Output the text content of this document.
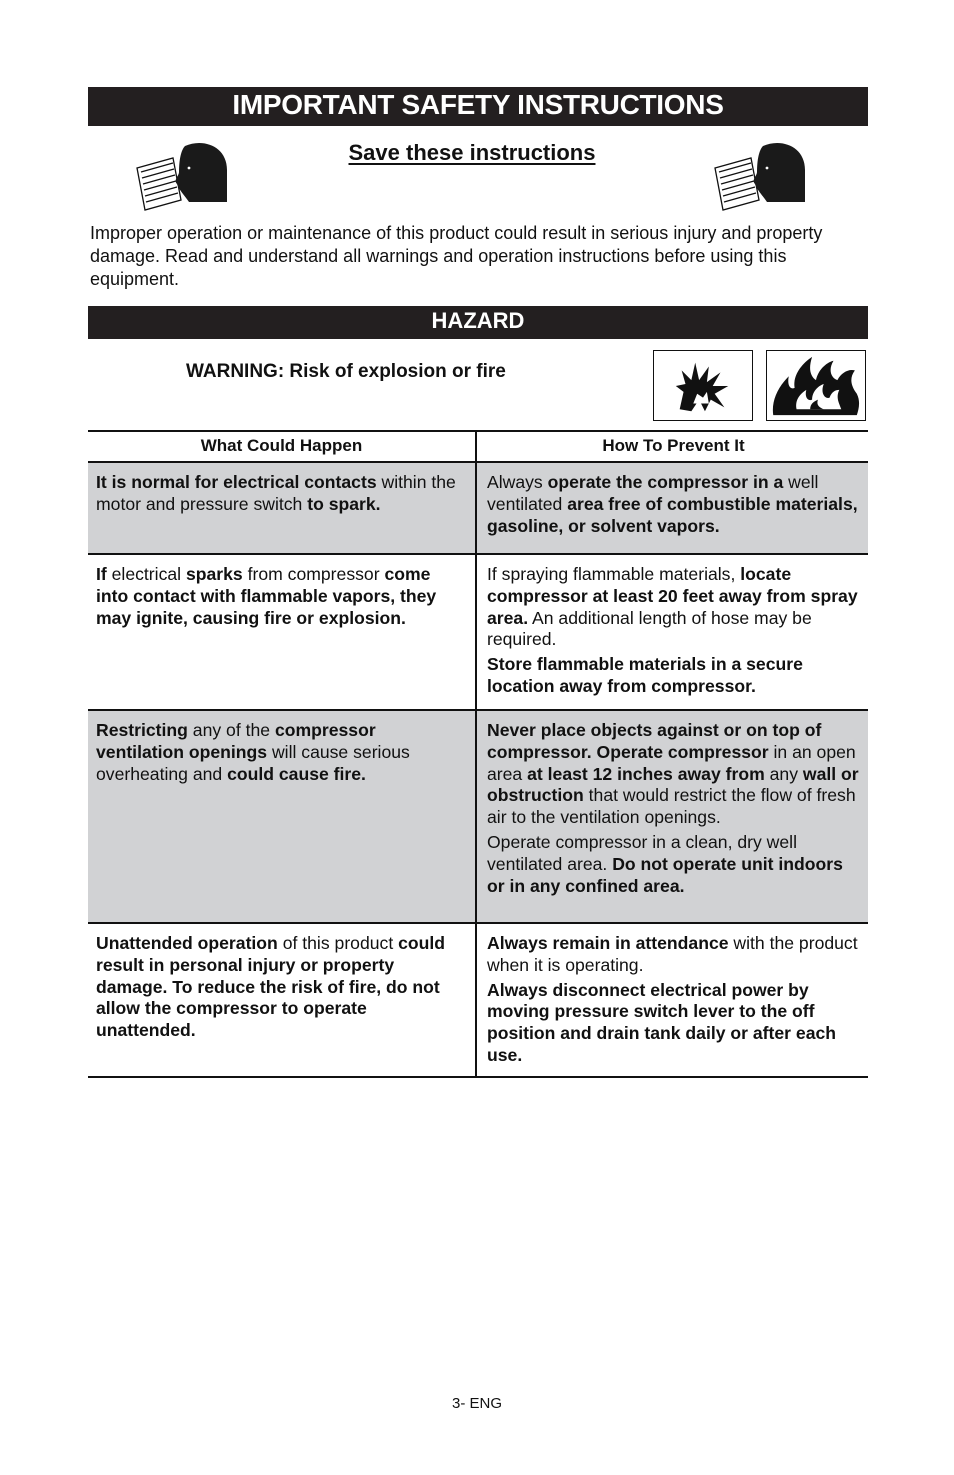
IMPORTANT SAFETY INSTRUCTIONS
Save these instructions
Improper operation or maintenance of this product could result in serious injury and property damage. Read and understand all warnings and operation instructions before using this equipment.
HAZARD
WARNING: Risk of explosion or fire
What Could Happen	How To Prevent It
It is normal for electrical contacts within the motor and pressure switch to spark.
Always operate the compressor in a well ventilated area free of combustible materials, gasoline, or solvent vapors.
If electrical sparks from compressor come into contact with flammable vapors, they may ignite, causing fire or explosion.
If spraying flammable materials, locate compressor at least 20 feet away from spray area. An additional length of hose may be required.
Store flammable materials in a secure location away from compressor.
Restricting any of the compressor ventilation openings will cause serious overheating and could cause fire.
Never place objects against or on top of compressor. Operate compressor in an open area at least 12 inches away from any wall or obstruction that would restrict the flow of fresh air to the ventilation openings.
Operate compressor in a clean, dry well ventilated area. Do not operate unit indoors or in any confined area.
Unattended operation of this product could result in personal injury or property damage. To reduce the risk of fire, do not allow the compressor to operate unattended.
Always remain in attendance with the product when it is operating.
Always disconnect electrical power by moving pressure switch lever to the off position and drain tank daily or after each use.
3- ENG
